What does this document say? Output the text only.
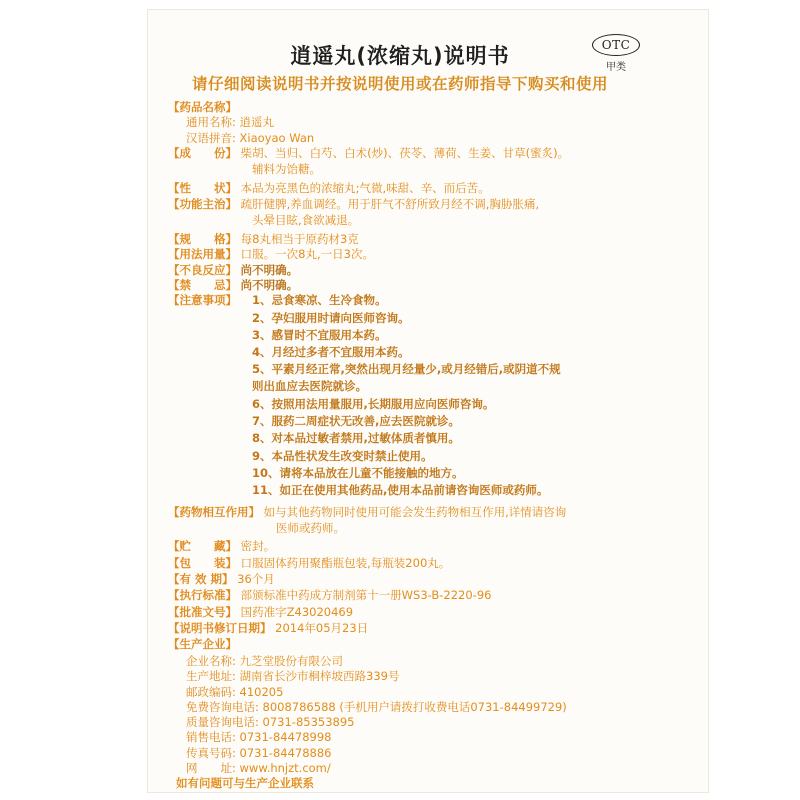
逍遥丸(浓缩丸)说明书	OTC
甲类
请仔细阅读说明书并按说明使用或在药师指导下购买和使用
【药品名称】
通用名称: 逍遥丸
汉语拼音: Xiaoyao Wan
【成　　份】 柴胡、当归、白芍、白术(炒)、茯苓、薄荷、生姜、甘草(蜜炙)。
辅料为饴糖。
【性　　状】 本品为亮黑色的浓缩丸;气微,味甜、辛、而后苦。
【功能主治】 疏肝健脾,养血调经。用于肝气不舒所致月经不调,胸胁胀痛,
头晕目眩,食欲减退。
【规　　格】 每8丸相当于原药材3克
【用法用量】 口服。一次8丸,一日3次。
【不良反应】 尚不明确。
【禁　　忌】 尚不明确。
【注意事项】 1、忌食寒凉、生冷食物。
2、孕妇服用时请向医师咨询。
3、感冒时不宜服用本药。
4、月经过多者不宜服用本药。
5、平素月经正常,突然出现月经量少,或月经错后,或阴道不规
则出血应去医院就诊。
6、按照用法用量服用,长期服用应向医师咨询。
7、服药二周症状无改善,应去医院就诊。
8、对本品过敏者禁用,过敏体质者慎用。
9、本品性状发生改变时禁止使用。
10、请将本品放在儿童不能接触的地方。
11、如正在使用其他药品,使用本品前请咨询医师或药师。
【药物相互作用】 如与其他药物同时使用可能会发生药物相互作用,详情请咨询
医师或药师。
【贮　　藏】 密封。
【包　　装】 口服固体药用聚酯瓶包装,每瓶装200丸。
【有 效 期】 36个月
【执行标准】 部颁标准中药成方制剂第十一册WS3-B-2220-96
【批准文号】 国药准字Z43020469
【说明书修订日期】 2014年05月23日
【生产企业】
企业名称: 九芝堂股份有限公司
生产地址: 湖南省长沙市桐梓坡西路339号
邮政编码: 410205
免费咨询电话: 8008786588 (手机用户请拨打收费电话0731-84499729)
质量咨询电话: 0731-85353895
销售电话: 0731-84478998
传真号码: 0731-84478886
网　　址: www.hnjzt.com/
如有问题可与生产企业联系
